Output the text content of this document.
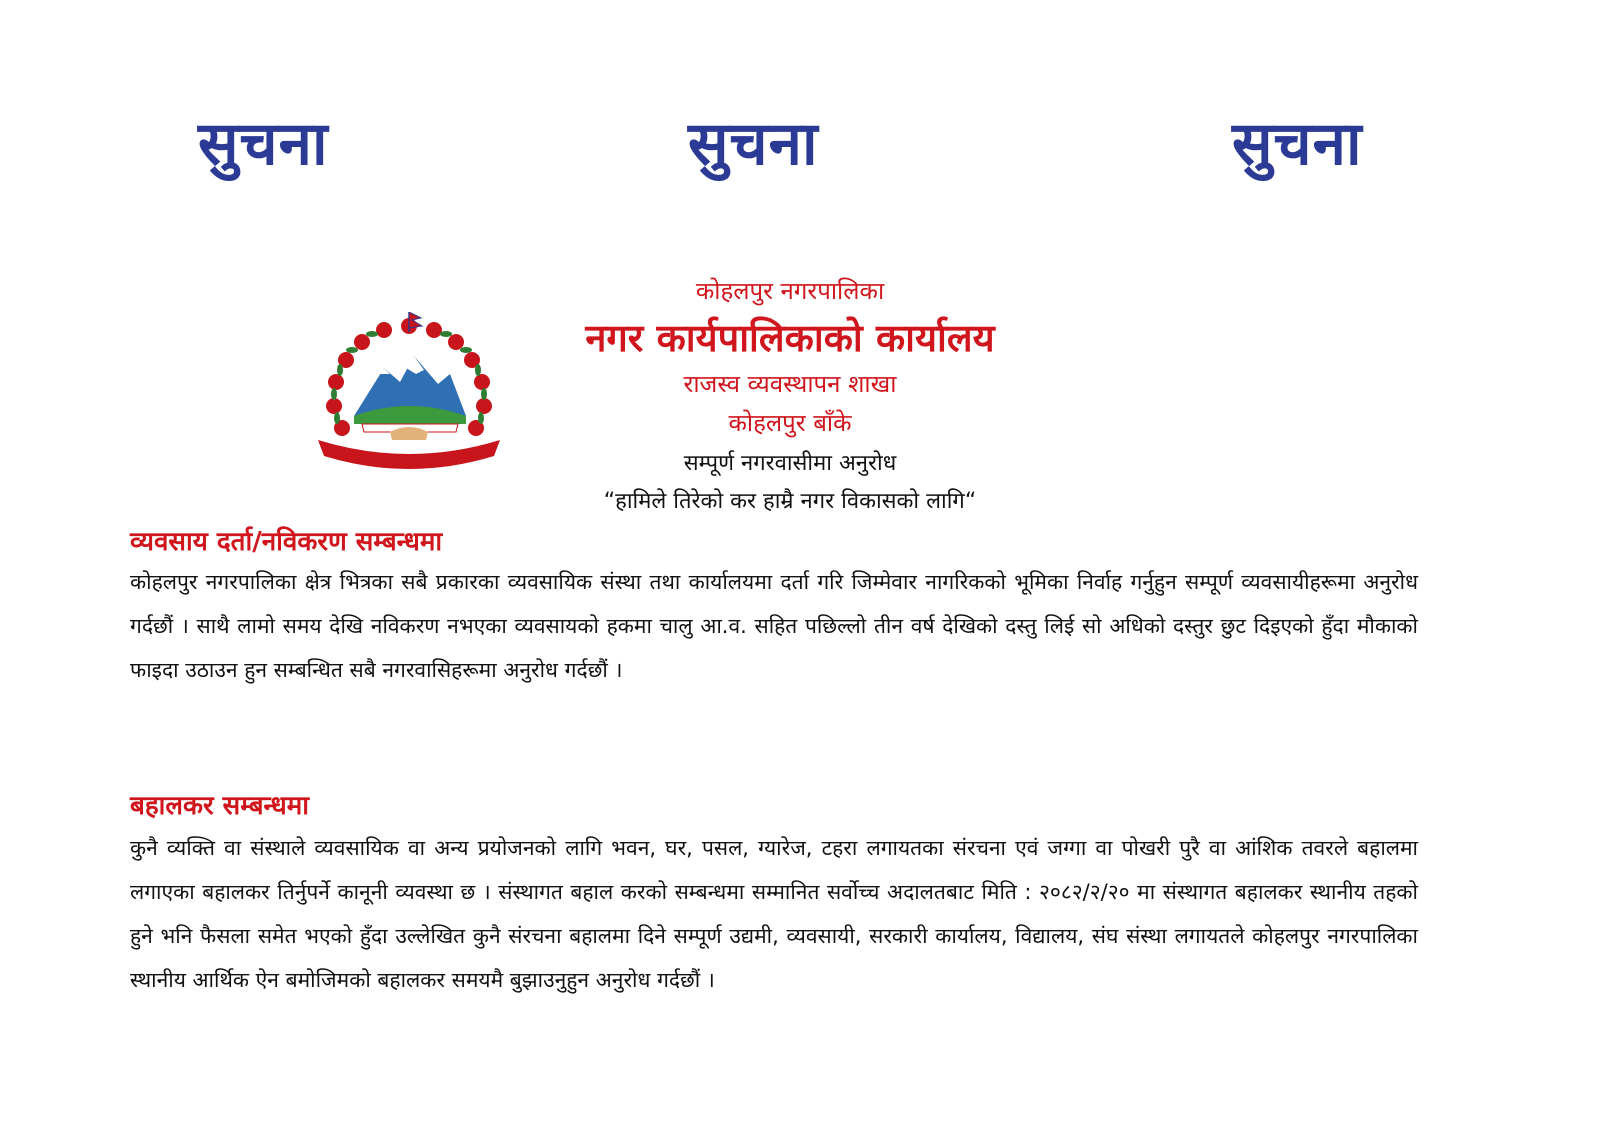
सुचना	सुचना	सुचना
कोहलपुर नगरपालिका
नगर कार्यपालिकाको कार्यालय
राजस्व व्यवस्थापन शाखा
कोहलपुर बाँके
सम्पूर्ण नगरवासीमा अनुरोध
“हामिले तिरेको कर हाम्रै नगर विकासको लागि“
व्यवसाय दर्ता/नविकरण सम्बन्धमा

कोहलपुर नगरपालिका क्षेत्र भित्रका सबै प्रकारका व्यवसायिक संस्था तथा कार्यालयमा दर्ता गरि जिम्मेवार नागरिकको भूमिका निर्वाह गर्नुहुन सम्पूर्ण व्यवसायीहरूमा अनुरोध गर्दछौं । साथै लामो समय देखि नविकरण नभएका व्यवसायको हकमा चालु आ.व. सहित पछिल्लो तीन वर्ष देखिको दस्तु लिई सो अधिको दस्तुर छुट दिइएको हुँदा मौकाको फाइदा उठाउन हुन सम्बन्धित सबै नगरवासिहरूमा अनुरोध गर्दछौं ।

बहालकर सम्बन्धमा

कुनै व्यक्ति वा संस्थाले व्यवसायिक वा अन्य प्रयोजनको लागि भवन, घर, पसल, ग्यारेज, टहरा लगायतका संरचना एवं जग्गा वा पोखरी पुरै वा आंशिक तवरले बहालमा लगाएका बहालकर तिर्नुपर्ने कानूनी व्यवस्था छ । संस्थागत बहाल करको सम्बन्धमा सम्मानित सर्वोच्च अदालतबाट मिति : २०८२/२/२० मा संस्थागत बहालकर स्थानीय तहको हुने भनि फैसला समेत भएको हुँदा उल्लेखित कुनै संरचना बहालमा दिने सम्पूर्ण उद्यमी, व्यवसायी, सरकारी कार्यालय, विद्यालय, संघ संस्था लगायतले कोहलपुर नगरपालिका स्थानीय आर्थिक ऐन बमोजिमको बहालकर समयमै बुझाउनुहुन अनुरोध गर्दछौं ।
